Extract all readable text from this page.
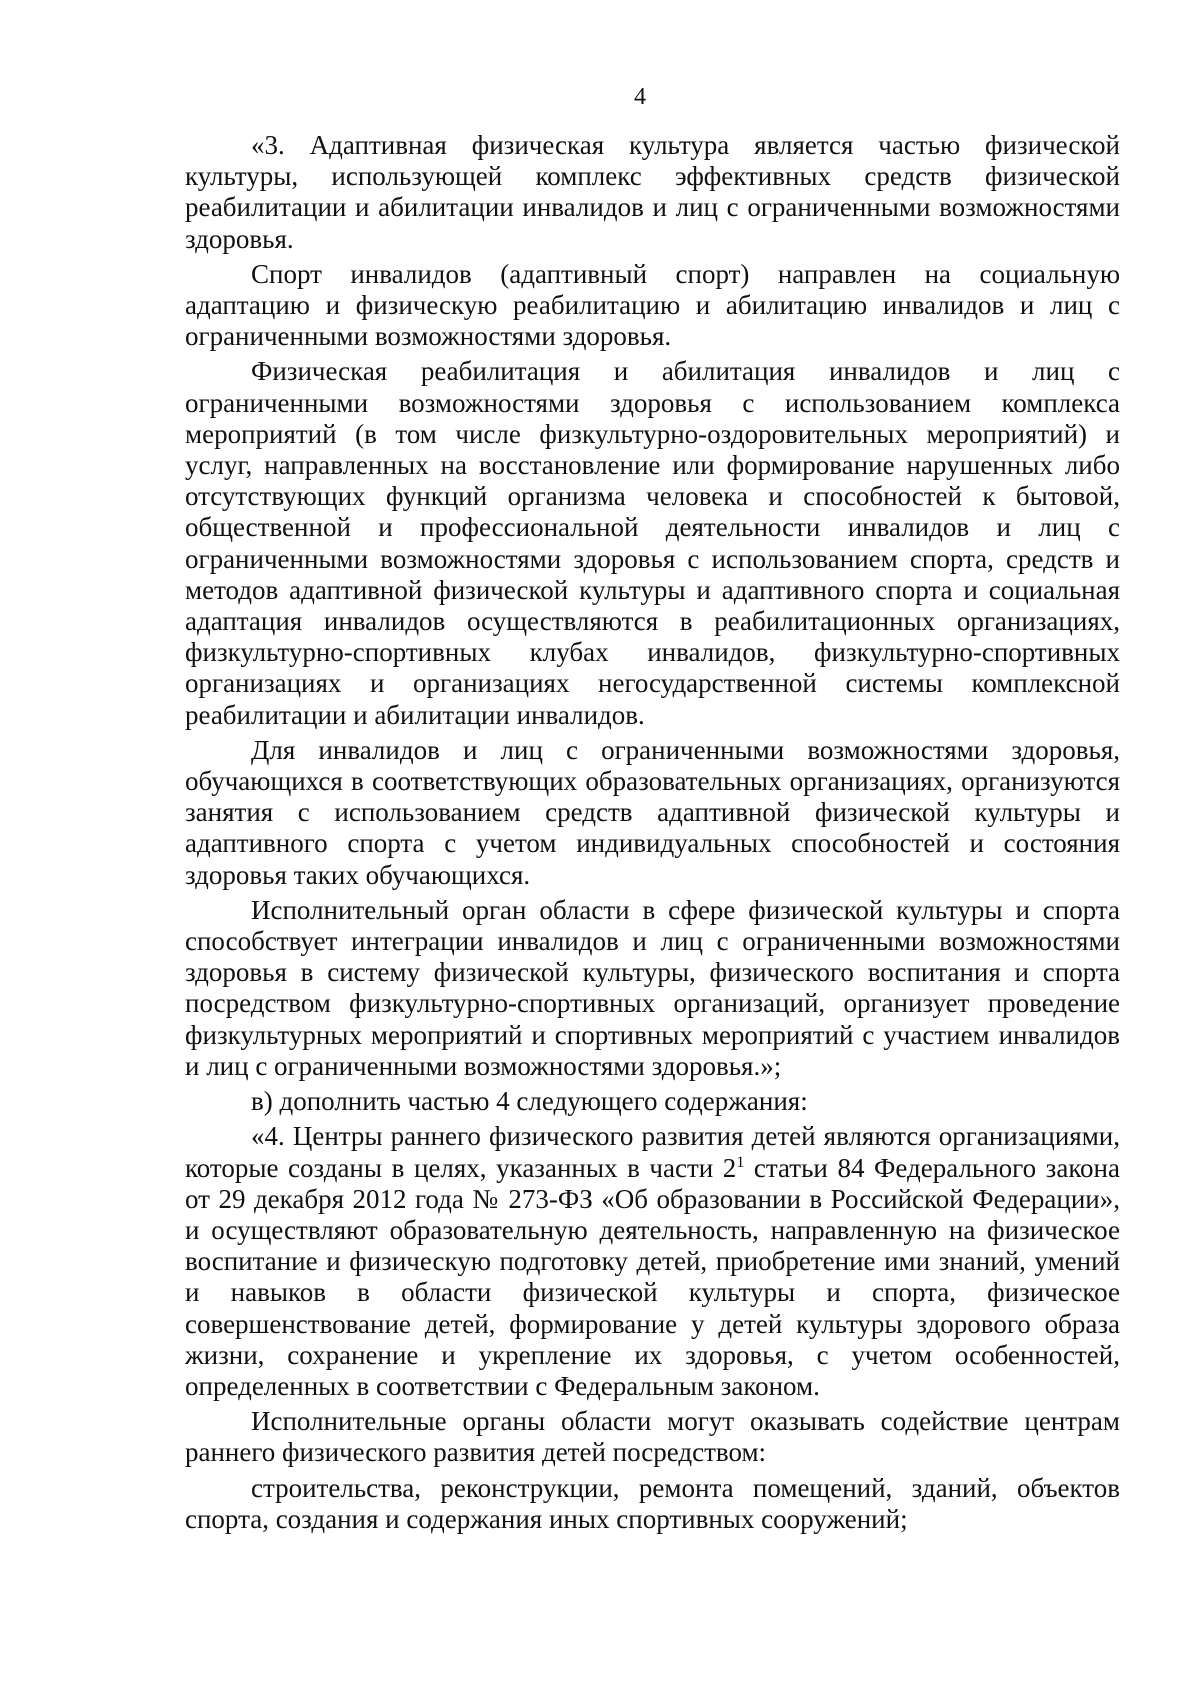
4

«3. Адаптивная физическая культура является частью физической культуры, использующей комплекс эффективных средств физической реабилитации и абилитации инвалидов и лиц с ограниченными возможностями здоровья.

Спорт инвалидов (адаптивный спорт) направлен на социальную адаптацию и физическую реабилитацию и абилитацию инвалидов и лиц с ограниченными возможностями здоровья.

Физическая реабилитация и абилитация инвалидов и лиц с ограниченными возможностями здоровья с использованием комплекса мероприятий (в том числе физкультурно-оздоровительных мероприятий) и услуг, направленных на восстановление или формирование нарушенных либо отсутствующих функций организма человека и способностей к бытовой, общественной и профессиональной деятельности инвалидов и лиц с ограниченными возможностями здоровья с использованием спорта, средств и методов адаптивной физической культуры и адаптивного спорта и социальная адаптация инвалидов осуществляются в реабилитационных организациях, физкультурно-спортивных клубах инвалидов, физкультурно-спортивных организациях и организациях негосударственной системы комплексной реабилитации и абилитации инвалидов.

Для инвалидов и лиц с ограниченными возможностями здоровья, обучающихся в соответствующих образовательных организациях, организуются занятия с использованием средств адаптивной физической культуры и адаптивного спорта с учетом индивидуальных способностей и состояния здоровья таких обучающихся.

Исполнительный орган области в сфере физической культуры и спорта способствует интеграции инвалидов и лиц с ограниченными возможностями здоровья в систему физической культуры, физического воспитания и спорта посредством физкультурно-спортивных организаций, организует проведение физкультурных мероприятий и спортивных мероприятий с участием инвалидов и лиц с ограниченными возможностями здоровья.»;

в) дополнить частью 4 следующего содержания:

«4. Центры раннего физического развития детей являются организациями, которые созданы в целях, указанных в части $2^1$ статьи 84 Федерального закона от 29 декабря 2012 года № 273-ФЗ «Об образовании в Российской Федерации», и осуществляют образовательную деятельность, направленную на физическое воспитание и физическую подготовку детей, приобретение ими знаний, умений и навыков в области физической культуры и спорта, физическое совершенствование детей, формирование у детей культуры здорового образа жизни, сохранение и укрепление их здоровья, с учетом особенностей, определенных в соответствии с Федеральным законом.

Исполнительные органы области могут оказывать содействие центрам раннего физического развития детей посредством:

строительства, реконструкции, ремонта помещений, зданий, объектов спорта, создания и содержания иных спортивных сооружений;
